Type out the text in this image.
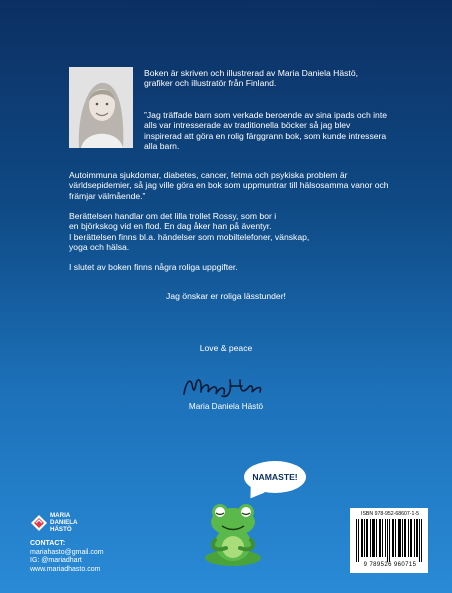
Boken är skriven och illustrerad av Maria Daniela Hästö, grafiker och illustratör från Finland.
”Jag träffade barn som verkade beroende av sina ipads och inte alls var intresserade av traditionella böcker så jag blev inspirerad att göra en rolig färggrann bok, som kunde intressera alla barn.
Autoimmuna sjukdomar, diabetes, cancer, fetma och psykiska problem är världsepidemier, så jag ville göra en bok som uppmuntrar till hälsosamma vanor och främjar välmående.”
Berättelsen handlar om det lilla trollet Rossy, som bor i
en björkskog vid en flod. En dag åker han på äventyr.
I berättelsen finns bl.a. händelser som mobiltelefoner, vänskap,
yoga och hälsa.
I slutet av boken finns några roliga uppgifter.
Jag önskar er roliga lässtunder!
Love & peace
Maria Daniela Hästö
NAMASTE!
MARIA
DANIELA
HÄSTÖ
CONTACT:
mariahasto@gmail.com
IG: @mariadhart
www.mariadhasto.com
ISBN 978-952-68607-1-5
9 789526 960715
